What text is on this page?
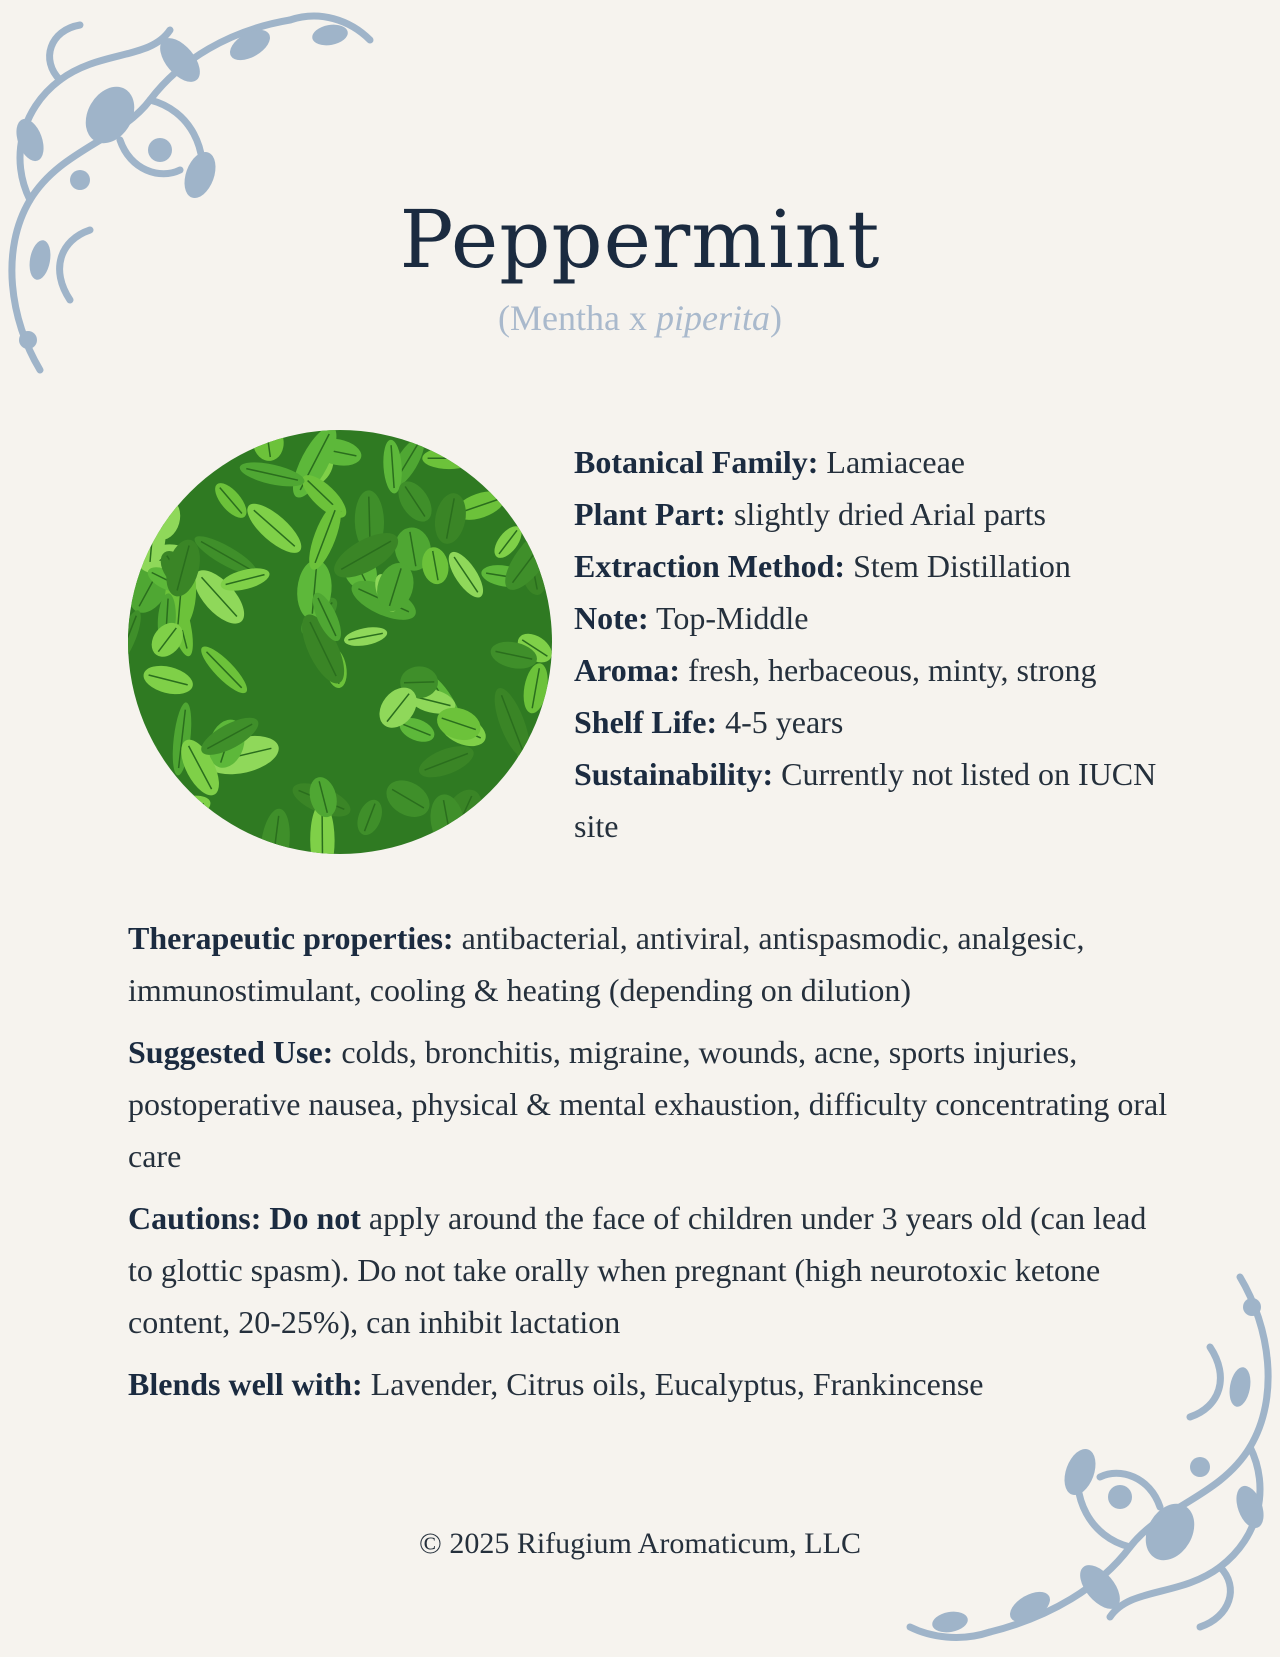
Peppermint
(Mentha x piperita)

Botanical Family: Lamiaceae

Plant Part: slightly dried Arial parts

Extraction Method: Stem Distillation

Note: Top-Middle

Aroma: fresh, herbaceous, minty, strong

Shelf Life: 4-5 years

Sustainability: Currently not listed on IUCN site

Therapeutic properties: antibacterial, antiviral, antispasmodic, analgesic, immunostimulant, cooling & heating (depending on dilution)

Suggested Use: colds, bronchitis, migraine, wounds, acne, sports injuries, postoperative nausea, physical & mental exhaustion, difficulty concentrating oral care

Cautions: Do not apply around the face of children under 3 years old (can lead to glottic spasm). Do not take orally when pregnant (high neurotoxic ketone content, 20-25%), can inhibit lactation

Blends well with: Lavender, Citrus oils, Eucalyptus, Frankincense

© 2025 Rifugium Aromaticum, LLC
